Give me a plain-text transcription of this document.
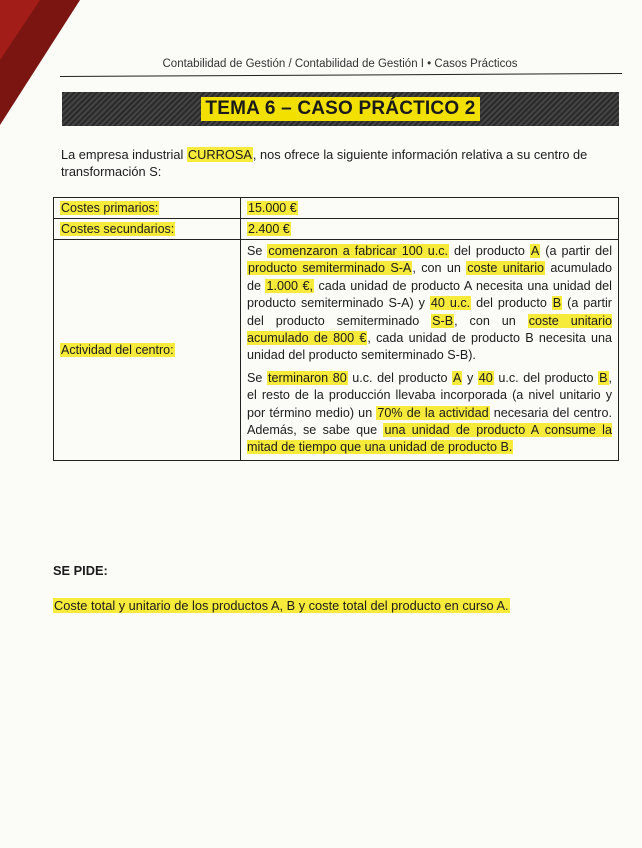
Contabilidad de Gestión / Contabilidad de Gestión I • Casos Prácticos
TEMA 6 – CASO PRÁCTICO 2
La empresa industrial CURROSA, nos ofrece la siguiente información relativa a su centro de transformación S:
Costes primarios:	15.000 €
Costes secundarios:	2.400 €
Actividad del centro:	Se comenzaron a fabricar 100 u.c. del producto A (a partir del producto semiterminado S-A, con un coste unitario acumulado de 1.000 €, cada unidad de producto A necesita una unidad del producto semiterminado S-A) y 40 u.c. del producto B (a partir del producto semiterminado S-B, con un coste unitario acumulado de 800 €, cada unidad de producto B necesita una unidad del producto semiterminado S-B).

Se terminaron 80 u.c. del producto A y 40 u.c. del producto B, el resto de la producción llevaba incorporada (a nivel unitario y por término medio) un 70% de la actividad necesaria del centro. Además, se sabe que una unidad de producto A consume la mitad de tiempo que una unidad de producto B.

SE PIDE:
Coste total y unitario de los productos A, B y coste total del producto en curso A.
